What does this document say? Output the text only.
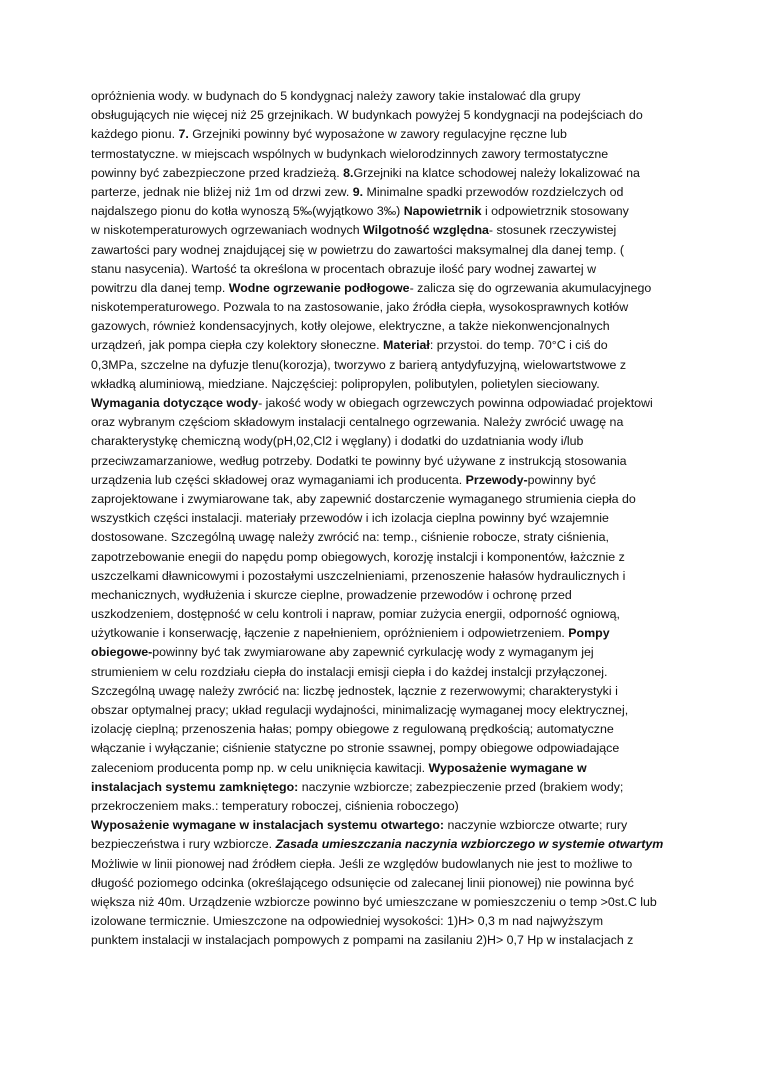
opróżnienia wody. w budynach do 5 kondygnacj należy zawory takie instalować dla grupy
obsługujących nie więcej niż 25 grzejnikach. W budynkach powyżej 5 kondygnacji na podejściach do
każdego pionu. 7. Grzejniki powinny być wyposażone w zawory regulacyjne ręczne lub
termostatyczne. w miejscach wspólnych w budynkach wielorodzinnych zawory termostatyczne
powinny być zabezpieczone przed kradzieżą. 8.Grzejniki na klatce schodowej należy lokalizować na
parterze, jednak nie bliżej niż 1m od drzwi zew. 9. Minimalne spadki przewodów rozdzielczych od
najdalszego pionu do kotła wynoszą 5‰(wyjątkowo 3‰) Napowietrnik i odpowietrznik stosowany
w niskotemperaturowych ogrzewaniach wodnych Wilgotność względna- stosunek rzeczywistej
zawartości pary wodnej znajdującej się w powietrzu do zawartości maksymalnej dla danej temp. (
stanu nasycenia). Wartość ta określona w procentach obrazuje ilość pary wodnej zawartej w
powitrzu dla danej temp. Wodne ogrzewanie podłogowe- zalicza się do ogrzewania akumulacyjnego
niskotemperaturowego. Pozwala to na zastosowanie, jako źródła ciepła, wysokosprawnych kotłów
gazowych, również kondensacyjnych, kotły olejowe, elektryczne, a także niekonwencjonalnych
urządzeń, jak pompa ciepła czy kolektory słoneczne. Materiał: przystoi. do temp. 70°C i ciś do
0,3MPa, szczelne na dyfuzje tlenu(korozja), tworzywo z barierą antydyfuzyjną, wielowartstwowe z
wkładką aluminiową, miedziane. Najczęściej: polipropylen, polibutylen, polietylen sieciowany.
Wymagania dotyczące wody- jakość wody w obiegach ogrzewczych powinna odpowiadać projektowi
oraz wybranym częściom składowym instalacji centalnego ogrzewania. Należy zwrócić uwagę na
charakterystykę chemiczną wody(pH,02,Cl2 i węglany) i dodatki do uzdatniania wody i/lub
przeciwzamarzaniowe, według potrzeby. Dodatki te powinny być używane z instrukcją stosowania
urządzenia lub części składowej oraz wymaganiami ich producenta. Przewody-powinny być
zaprojektowane i zwymiarowane tak, aby zapewnić dostarczenie wymaganego strumienia ciepła do
wszystkich części instalacji. materiały przewodów i ich izolacja cieplna powinny być wzajemnie
dostosowane. Szczególną uwagę należy zwrócić na: temp., ciśnienie robocze, straty ciśnienia,
zapotrzebowanie enegii do napędu pomp obiegowych, korozję instalcji i komponentów, łażcznie z
uszczelkami dławnicowymi i pozostałymi uszczelnieniami, przenoszenie hałasów hydraulicznych i
mechanicznych, wydłużenia i skurcze cieplne, prowadzenie przewodów i ochronę przed
uszkodzeniem, dostępność w celu kontroli i napraw, pomiar zużycia energii, odporność ogniową,
użytkowanie i konserwację, łączenie z napełnieniem, opróżnieniem i odpowietrzeniem. Pompy
obiegowe-powinny być tak zwymiarowane aby zapewnić cyrkulację wody z wymaganym jej
strumieniem w celu rozdziału ciepła do instalacji emisji ciepła i do każdej instalcji przyłączonej.
Szczególną uwagę należy zwrócić na: liczbę jednostek, lącznie z rezerwowymi; charakterystyki i
obszar optymalnej pracy; układ regulacji wydajności, minimalizację wymaganej mocy elektrycznej,
izolację cieplną; przenoszenia hałas; pompy obiegowe z regulowaną prędkością; automatyczne
włączanie i wyłączanie; ciśnienie statyczne po stronie ssawnej, pompy obiegowe odpowiadające
zaleceniom producenta pomp np. w celu uniknięcia kawitacji. Wyposażenie wymagane w
instalacjach systemu zamkniętego: naczynie wzbiorcze; zabezpieczenie przed (brakiem wody;
przekroczeniem maks.: temperatury roboczej, ciśnienia roboczego)
Wyposażenie wymagane w instalacjach systemu otwartego: naczynie wzbiorcze otwarte; rury
bezpieczeństwa i rury wzbiorcze. Zasada umieszczania naczynia wzbiorczego w systemie otwartym
Możliwie w linii pionowej nad źródłem ciepła. Jeśli ze względów budowlanych nie jest to możliwe to
długość poziomego odcinka (określającego odsunięcie od zalecanej linii pionowej) nie powinna być
większa niż 40m. Urządzenie wzbiorcze powinno być umieszczane w pomieszczeniu o temp >0st.C lub
izolowane termicznie. Umieszczone na odpowiedniej wysokości: 1)H> 0,3 m nad najwyższym
punktem instalacji w instalacjach pompowych z pompami na zasilaniu 2)H> 0,7 Hp w instalacjach z
